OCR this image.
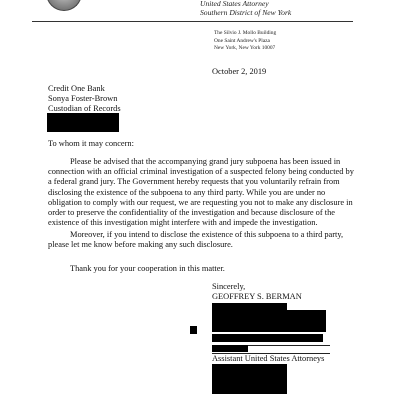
United States Attorney
Southern District of New York
The Silvio J. Mollo Building
One Saint Andrew's Plaza
New York, New York 10007
October 2, 2019
Credit One Bank
Sonya Foster-Brown
Custodian of Records
To whom it may concern:

Please be advised that the accompanying grand jury subpoena has been issued in connection with an official criminal investigation of a suspected felony being conducted by a federal grand jury. The Government hereby requests that you voluntarily refrain from disclosing the existence of the subpoena to any third party. While you are under no obligation to comply with our request, we are requesting you not to make any disclosure in order to preserve the confidentiality of the investigation and because disclosure of the existence of this investigation might interfere with and impede the investigation.

Moreover, if you intend to disclose the existence of this subpoena to a third party, please let me know before making any such disclosure.

Thank you for your cooperation in this matter.

Sincerely,
GEOFFREY S. BERMAN
Assistant United States Attorneys
